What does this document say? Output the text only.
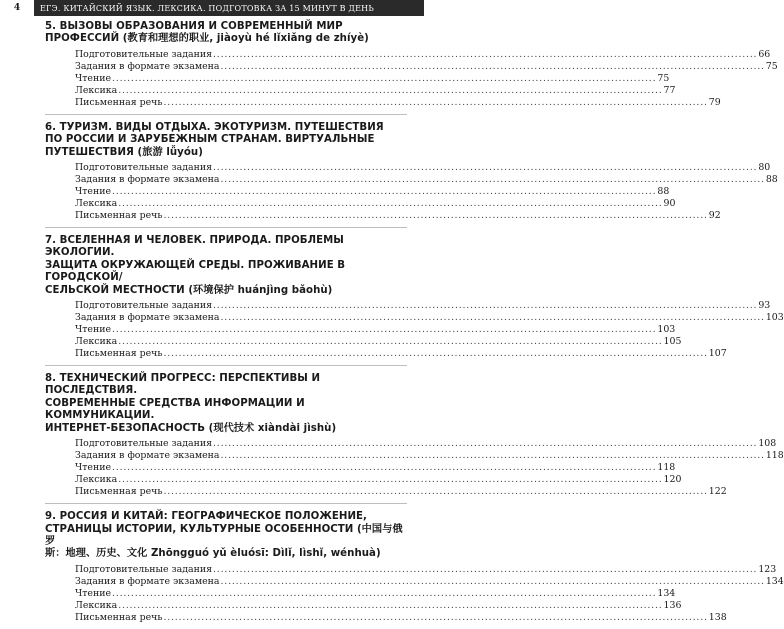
4	ЕГЭ. КИТАЙСКИЙ ЯЗЫК. ЛЕКСИКА. ПОДГОТОВКА ЗА 15 МИНУТ В ДЕНЬ
5. ВЫЗОВЫ ОБРАЗОВАНИЯ И СОВРЕМЕННЫЙ МИР
ПРОФЕССИЙ (教育和理想的职业, jiàoyù hé lǐxiǎng de zhíyè)
Подготовительные задания .....	66
Задания в формате экзамена .....	75
Чтение .....	75
Лексика .....	77
Письменная речь .....	79
6. ТУРИЗМ. ВИДЫ ОТДЫХА. ЭКОТУРИЗМ. ПУТЕШЕСТВИЯ
ПО РОССИИ И ЗАРУБЕЖНЫМ СТРАНАМ. ВИРТУАЛЬНЫЕ
ПУТЕШЕСТВИЯ (旅游 lǚyóu)
Подготовительные задания .....	80
Задания в формате экзамена .....	88
Чтение .....	88
Лексика .....	90
Письменная речь .....	92
7. ВСЕЛЕННАЯ И ЧЕЛОВЕК. ПРИРОДА. ПРОБЛЕМЫ ЭКОЛОГИИ.
ЗАЩИТА ОКРУЖАЮЩЕЙ СРЕДЫ. ПРОЖИВАНИЕ В ГОРОДСКОЙ/
СЕЛЬСКОЙ МЕСТНОСТИ (环境保护 huánjìng bǎohù)
Подготовительные задания .....	93
Задания в формате экзамена .....	103
Чтение .....	103
Лексика .....	105
Письменная речь .....	107
8. ТЕХНИЧЕСКИЙ ПРОГРЕСС: ПЕРСПЕКТИВЫ И ПОСЛЕДСТВИЯ.
СОВРЕМЕННЫЕ СРЕДСТВА ИНФОРМАЦИИ И КОММУНИКАЦИИ.
ИНТЕРНЕТ-БЕЗОПАСНОСТЬ (现代技术 xiàndài jìshù)
Подготовительные задания .....	108
Задания в формате экзамена .....	118
Чтение .....	118
Лексика .....	120
Письменная речь .....	122
9. РОССИЯ И КИТАЙ: ГЕОГРАФИЧЕСКОЕ ПОЛОЖЕНИЕ,
СТРАНИЦЫ ИСТОРИИ, КУЛЬТУРНЫЕ ОСОБЕННОСТИ (中国与俄罗
斯：地理、历史、文化 Zhōngguó yǔ èluósī: Dìlǐ, lìshǐ, wénhuà)
Подготовительные задания .....	123
Задания в формате экзамена .....	134
Чтение .....	134
Лексика .....	136
Письменная речь .....	138
